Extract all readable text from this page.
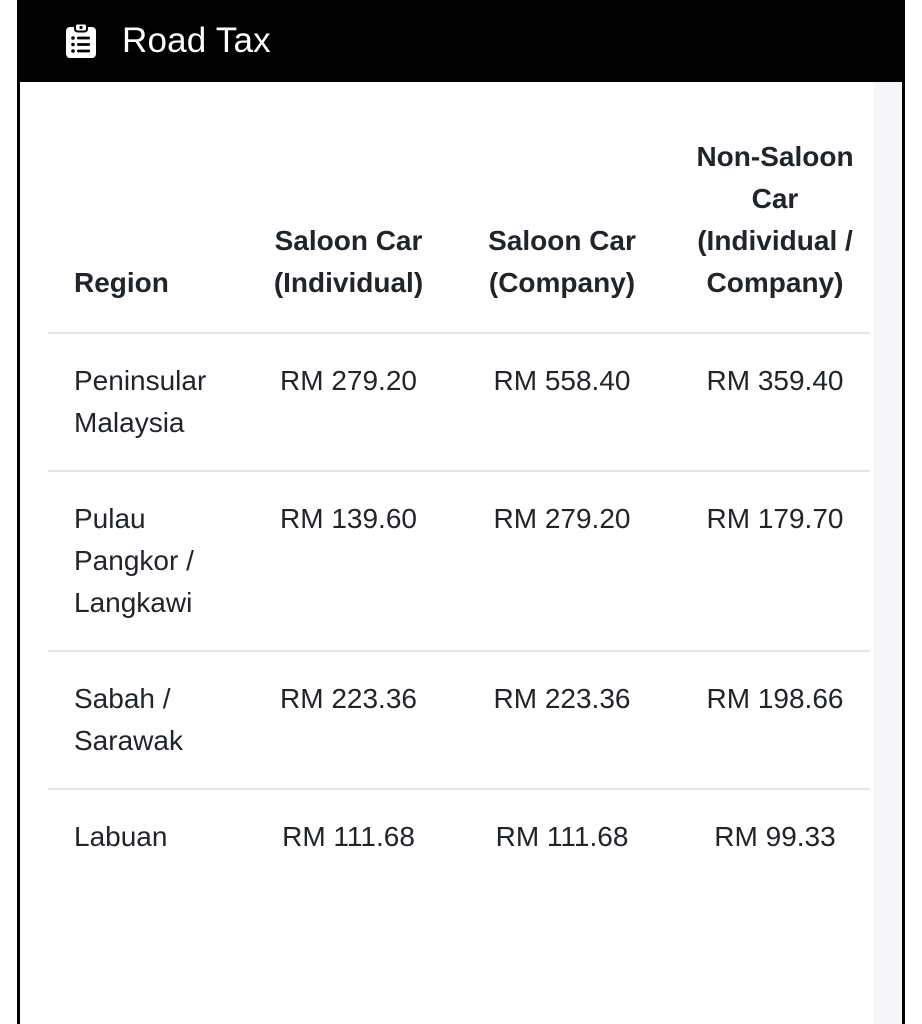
Road Tax
Region	Saloon Car (Individual)	Saloon Car (Company)	Non-Saloon Car (Individual / Company)
Peninsular Malaysia	RM 279.20	RM 558.40	RM 359.40
Pulau Pangkor / Langkawi	RM 139.60	RM 279.20	RM 179.70
Sabah / Sarawak	RM 223.36	RM 223.36	RM 198.66
Labuan	RM 111.68	RM 111.68	RM 99.33
